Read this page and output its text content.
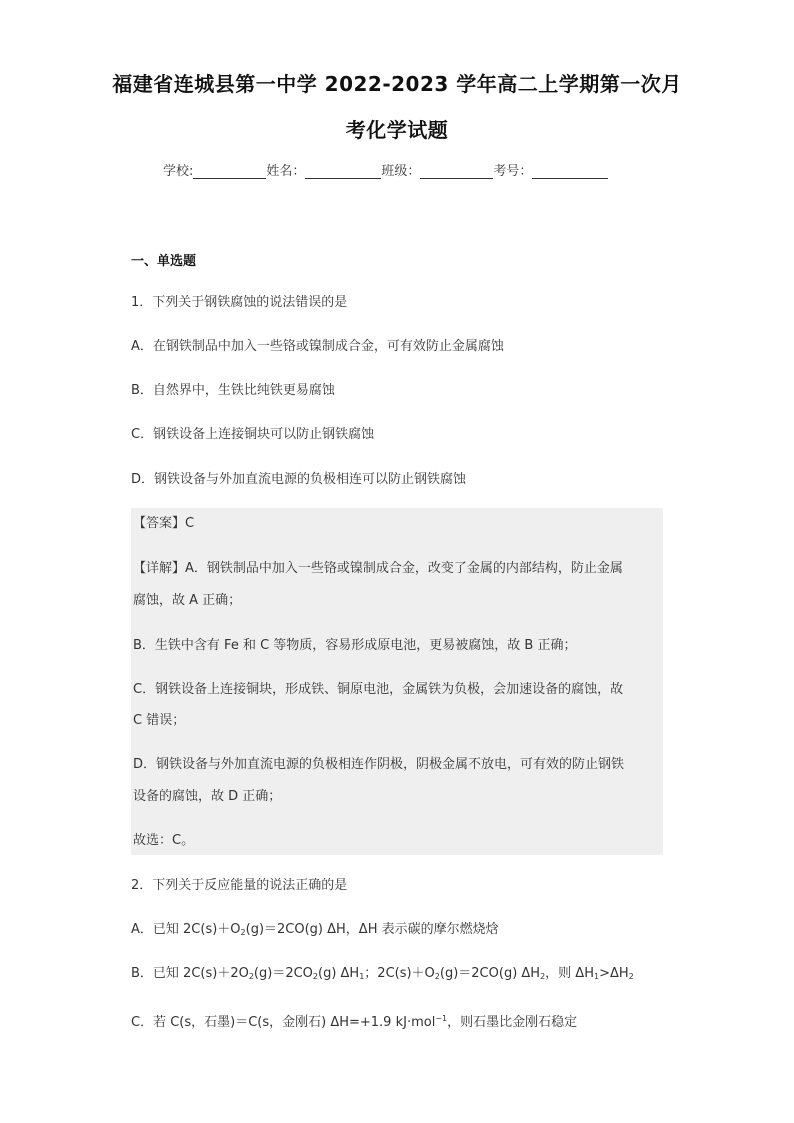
福建省连城县第一中学 2022-2023 学年高二上学期第一次月
考化学试题
学校:	姓名：	班级：	考号：
一、单选题
1．下列关于钢铁腐蚀的说法错误的是
A．在钢铁制品中加入一些铬或镍制成合金，可有效防止金属腐蚀
B．自然界中，生铁比纯铁更易腐蚀
C．钢铁设备上连接铜块可以防止钢铁腐蚀
D．钢铁设备与外加直流电源的负极相连可以防止钢铁腐蚀
【答案】C
【详解】A．钢铁制品中加入一些铬或镍制成合金，改变了金属的内部结构，防止金属
腐蚀，故 A 正确；
B．生铁中含有 Fe 和 C 等物质，容易形成原电池，更易被腐蚀，故 B 正确；
C．钢铁设备上连接铜块，形成铁、铜原电池，金属铁为负极，会加速设备的腐蚀，故
C 错误；
D．钢铁设备与外加直流电源的负极相连作阴极，阴极金属不放电，可有效的防止钢铁
设备的腐蚀，故 D 正确；
故选：C。
2．下列关于反应能量的说法正确的是
A．已知 $2C(s)+O_2(g)=2CO(g)$ ΔH，ΔH 表示碳的摩尔燃烧焓
B．已知 $2C(s)+2O_2(g)=2CO_2(g)$ $\Delta H_1$；$2C(s)+O_2(g)=2CO(g)$ $\Delta H_2$，则 $\Delta H_1>\Delta H_2$
C．若 C(s，石墨)＝C(s，金刚石) ΔH=+1.9 kJ·mol$^{-1}$，则石墨比金刚石稳定
